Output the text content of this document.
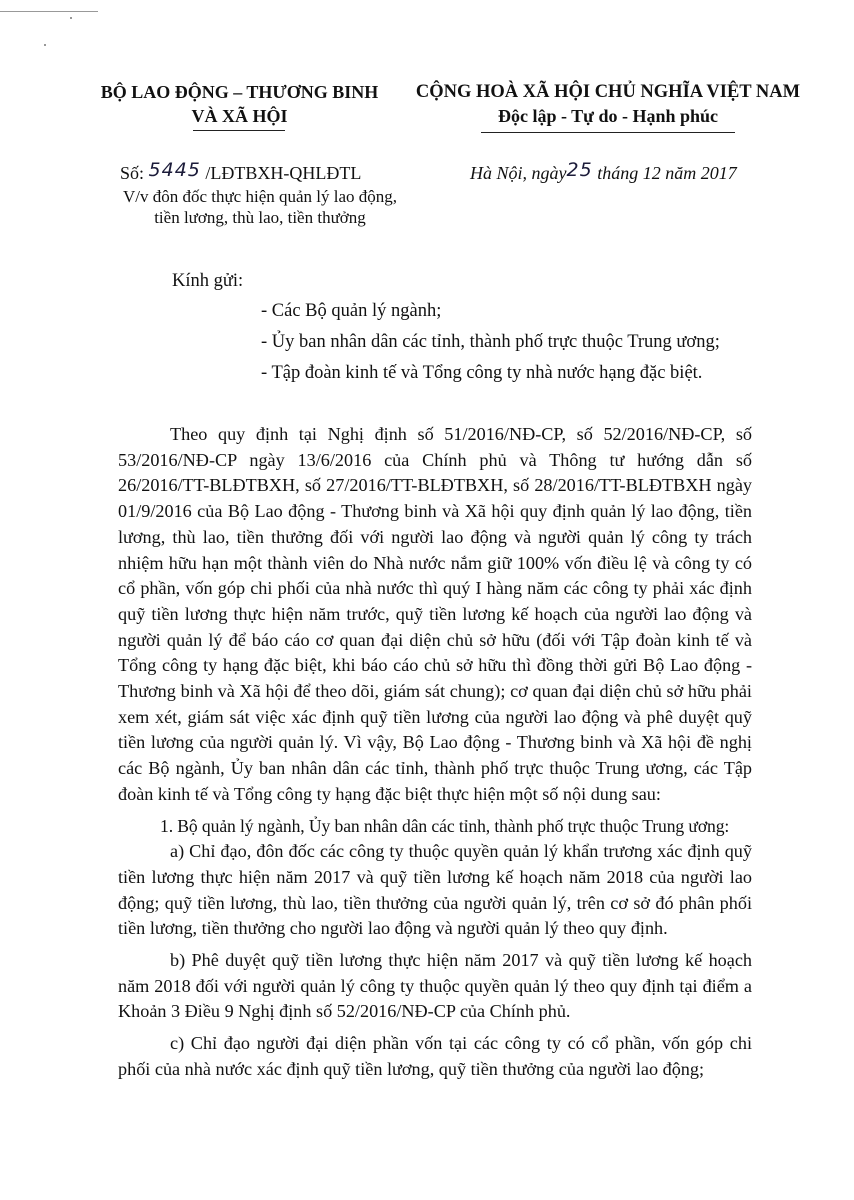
BỘ LAO ĐỘNG – THƯƠNG BINH
VÀ XÃ HỘI
CỘNG HOÀ XÃ HỘI CHỦ NGHĨA VIỆT NAM
Độc lập - Tự do - Hạnh phúc
Số: 5445 /LĐTBXH-QHLĐTL	Hà Nội, ngày25 tháng 12 năm 2017
V/v đôn đốc thực hiện quản lý lao động,
tiền lương, thù lao, tiền thưởng
Kính gửi:
- Các Bộ quản lý ngành;
- Ủy ban nhân dân các tỉnh, thành phố trực thuộc Trung ương;
- Tập đoàn kinh tế và Tổng công ty nhà nước hạng đặc biệt.

Theo quy định tại Nghị định số 51/2016/NĐ-CP, số 52/2016/NĐ-CP, số 53/2016/NĐ-CP ngày 13/6/2016 của Chính phủ và Thông tư hướng dẫn số 26/2016/TT-BLĐTBXH, số 27/2016/TT-BLĐTBXH, số 28/2016/TT-BLĐTBXH ngày 01/9/2016 của Bộ Lao động - Thương binh và Xã hội quy định quản lý lao động, tiền lương, thù lao, tiền thưởng đối với người lao động và người quản lý công ty trách nhiệm hữu hạn một thành viên do Nhà nước nắm giữ 100% vốn điều lệ và công ty có cổ phần, vốn góp chi phối của nhà nước thì quý I hàng năm các công ty phải xác định quỹ tiền lương thực hiện năm trước, quỹ tiền lương kế hoạch của người lao động và người quản lý để báo cáo cơ quan đại diện chủ sở hữu (đối với Tập đoàn kinh tế và Tổng công ty hạng đặc biệt, khi báo cáo chủ sở hữu thì đồng thời gửi Bộ Lao động - Thương binh và Xã hội để theo dõi, giám sát chung); cơ quan đại diện chủ sở hữu phải xem xét, giám sát việc xác định quỹ tiền lương của người lao động và phê duyệt quỹ tiền lương của người quản lý. Vì vậy, Bộ Lao động - Thương binh và Xã hội đề nghị các Bộ ngành, Ủy ban nhân dân các tỉnh, thành phố trực thuộc Trung ương, các Tập đoàn kinh tế và Tổng công ty hạng đặc biệt thực hiện một số nội dung sau:

1. Bộ quản lý ngành, Ủy ban nhân dân các tỉnh, thành phố trực thuộc Trung ương:

a) Chỉ đạo, đôn đốc các công ty thuộc quyền quản lý khẩn trương xác định quỹ tiền lương thực hiện năm 2017 và quỹ tiền lương kế hoạch năm 2018 của người lao động; quỹ tiền lương, thù lao, tiền thưởng của người quản lý, trên cơ sở đó phân phối tiền lương, tiền thưởng cho người lao động và người quản lý theo quy định.

b) Phê duyệt quỹ tiền lương thực hiện năm 2017 và quỹ tiền lương kế hoạch năm 2018 đối với người quản lý công ty thuộc quyền quản lý theo quy định tại điểm a Khoản 3 Điều 9 Nghị định số 52/2016/NĐ-CP của Chính phủ.

c) Chỉ đạo người đại diện phần vốn tại các công ty có cổ phần, vốn góp chi phối của nhà nước xác định quỹ tiền lương, quỹ tiền thưởng của người lao động;
